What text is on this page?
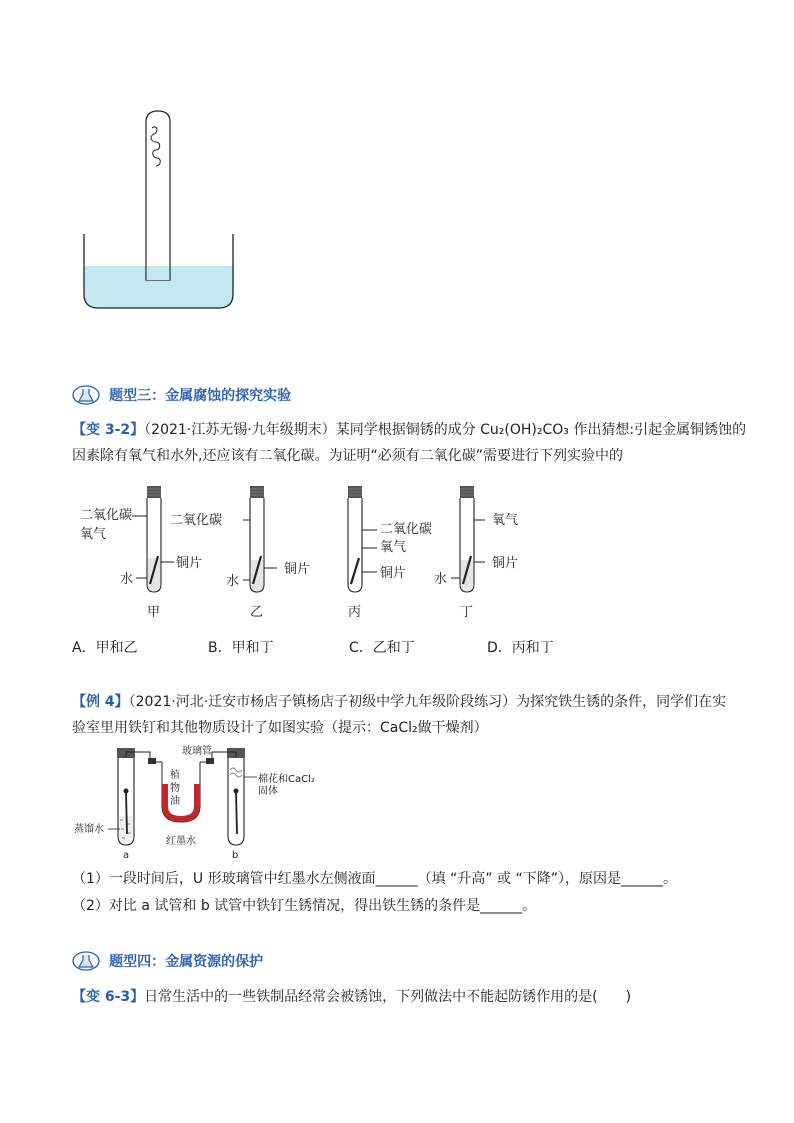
题型三：金属腐蚀的探究实验
【变 3-2】（2021·江苏无锡·九年级期末）某同学根据铜锈的成分 Cu₂(OH)₂CO₃ 作出猜想:引起金属铜锈蚀的
因素除有氧气和水外,还应该有二氧化碳。为证明“必须有二氧化碳”需要进行下列实验中的
二氧化碳
氧气
铜片
水
甲
二氧化碳
铜片
水
乙
二氧化碳
氧气
铜片
丙
氧气
铜片
水
丁
A．甲和乙	B．甲和丁	C．乙和丁	D．丙和丁
【例 4】（2021·河北·迁安市杨店子镇杨店子初级中学九年级阶段练习）为探究铁生锈的条件，同学们在实
验室里用铁钉和其他物质设计了如图实验（提示：CaCl₂做干燥剂）
植
物
油
玻璃管
棉花和CaCl₂
固体
蒸馏水
红墨水
a	b
（1）一段时间后，U 形玻璃管中红墨水左侧液面______（填 “升高” 或 “下降”），原因是______。
（2）对比 a 试管和 b 试管中铁钉生锈情况，得出铁生锈的条件是______。
题型四：金属资源的保护
【变 6-3】日常生活中的一些铁制品经常会被锈蚀，下列做法中不能起防锈作用的是(　　)
